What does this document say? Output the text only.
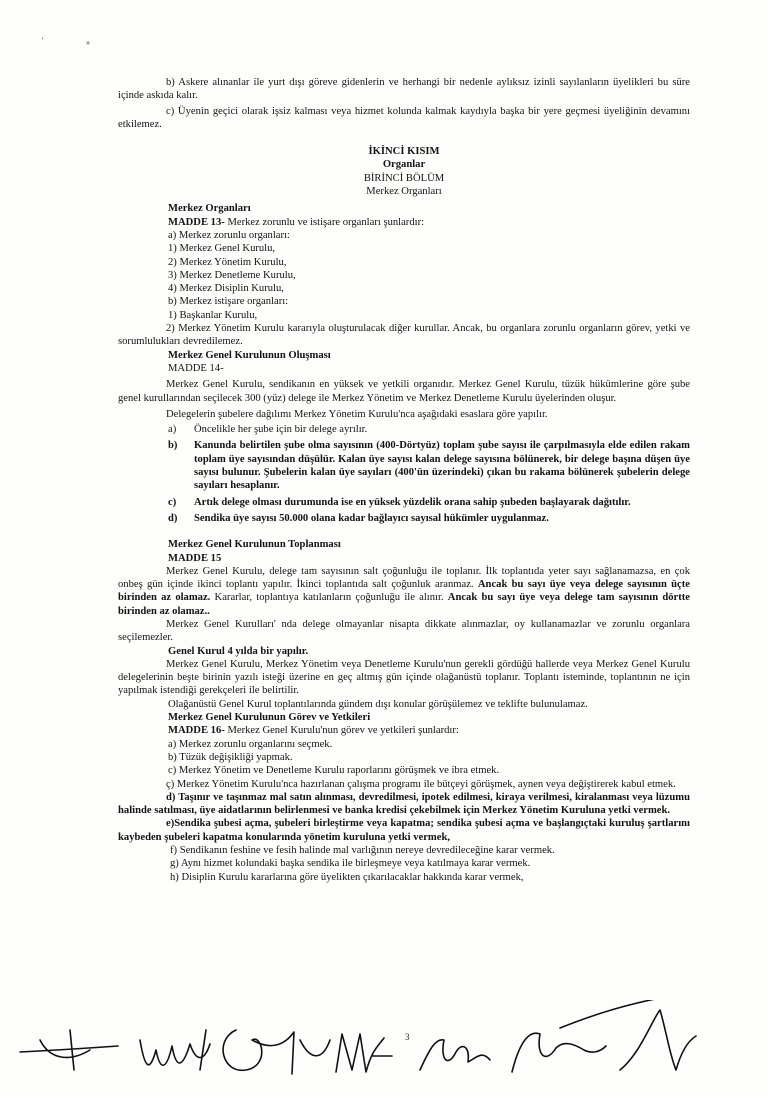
'	»

b) Askere alınanlar ile yurt dışı göreve gidenlerin ve herhangi bir nedenle aylıksız izinli sayılanların üyelikleri bu süre içinde askıda kalır.

c) Üyenin geçici olarak işsiz kalması veya hizmet kolunda kalmak kaydıyla başka bir yere geçmesi üyeliğinin devamını etkilemez.

İKİNCİ KISIM

Organlar

BİRİNCİ BÖLÜM

Merkez Organları

Merkez Organları

MADDE 13- Merkez zorunlu ve istişare organları şunlardır:

a) Merkez zorunlu organları:

1) Merkez Genel Kurulu,

2) Merkez Yönetim Kurulu,

3) Merkez Denetleme Kurulu,

4) Merkez Disiplin Kurulu,

b) Merkez istişare organları:

1) Başkanlar Kurulu,

2) Merkez Yönetim Kurulu kararıyla oluşturulacak diğer kurullar. Ancak, bu organlara zorunlu organların görev, yetki ve sorumlulukları devredilemez.

Merkez Genel Kurulunun Oluşması

MADDE 14-

Merkez Genel Kurulu, sendikanın en yüksek ve yetkili organıdır. Merkez Genel Kurulu, tüzük hükümlerine göre şube genel kurullarından seçilecek 300 (yüz) delege ile Merkez Yönetim ve Merkez Denetleme Kurulu üyelerinden oluşur.

Delegelerin şubelere dağılımı Merkez Yönetim Kurulu'nca aşağıdaki esaslara göre yapılır.

a)	Öncelikle her şube için bir delege ayrılır.
b)	Kanunda belirtilen şube olma sayısının (400-Dörtyüz) toplam şube sayısı ile çarpılmasıyla elde edilen rakam toplam üye sayısından düşülür. Kalan üye sayısı kalan delege sayısına bölünerek, bir delege başına düşen üye sayısı bulunur. Şubelerin kalan üye sayıları (400'ün üzerindeki) çıkan bu rakama bölünerek şubelerin delege sayıları hesaplanır.
c)	Artık delege olması durumunda ise en yüksek yüzdelik orana sahip şubeden başlayarak dağıtılır.
d)	Sendika üye sayısı 50.000 olana kadar bağlayıcı sayısal hükümler uygulanmaz.

Merkez Genel Kurulunun Toplanması

MADDE 15

Merkez Genel Kurulu, delege tam sayısının salt çoğunluğu ile toplanır. İlk toplantıda yeter sayı sağlanamazsa, en çok onbeş gün içinde ikinci toplantı yapılır. İkinci toplantıda salt çoğunluk aranmaz. Ancak bu sayı üye veya delege sayısının üçte birinden az olamaz. Kararlar, toplantıya katılanların çoğunluğu ile alınır. Ancak bu sayı üye veya delege tam sayısının dörtte birinden az olamaz..

Merkez Genel Kurulları' nda delege olmayanlar nisapta dikkate alınmazlar, oy kullanamazlar ve zorunlu organlara seçilemezler.

Genel Kurul 4 yılda bir yapılır.

Merkez Genel Kurulu, Merkez Yönetim veya Denetleme Kurulu'nun gerekli gördüğü hallerde veya Merkez Genel Kurulu delegelerinin beşte birinin yazılı isteği üzerine en geç altmış gün içinde olağanüstü toplanır. Toplantı isteminde, toplantının ne için yapılmak istendiği gerekçeleri ile belirtilir.

Olağanüstü Genel Kurul toplantılarında gündem dışı konular görüşülemez ve teklifte bulunulamaz.

Merkez Genel Kurulunun Görev ve Yetkileri

MADDE 16- Merkez Genel Kurulu'nun görev ve yetkileri şunlardır:

a) Merkez zorunlu organlarını seçmek.

b) Tüzük değişikliği yapmak.

c) Merkez Yönetim ve Denetleme Kurulu raporlarını görüşmek ve ibra etmek.

ç) Merkez Yönetim Kurulu'nca hazırlanan çalışma programı ile bütçeyi görüşmek, aynen veya değiştirerek kabul etmek.

d) Taşınır ve taşınmaz mal satın alınması, devredilmesi, ipotek edilmesi, kiraya verilmesi, kiralanması veya lüzumu halinde satılması, üye aidatlarının belirlenmesi ve banka kredisi çekebilmek için Merkez Yönetim Kuruluna yetki vermek.

e)Sendika şubesi açma, şubeleri birleştirme veya kapatma; sendika şubesi açma ve başlangıçtaki kuruluş şartlarını kaybeden şubeleri kapatma konularında yönetim kuruluna yetki vermek,

f) Sendikanın feshine ve fesih halinde mal varlığının nereye devredileceğine karar vermek.

g) Aynı hizmet kolundaki başka sendika ile birleşmeye veya katılmaya karar vermek.

h) Disiplin Kurulu kararlarına göre üyelikten çıkarılacaklar hakkında karar vermek,

3
